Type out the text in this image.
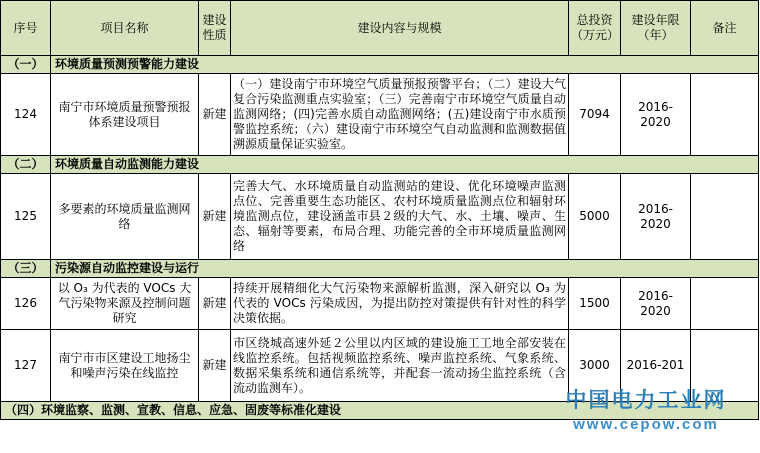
序号	项目名称	建设性质	建设内容与规模	总投资（万元）	建设年限（年）	备注
（一）	环境质量预测预警能力建设					
124	南宁市环境质量预警预报体系建设项目	新建	（一）建设南宁市环境空气质量预报预警平台；（二）建设大气复合污染监测重点实验室；（三）完善南宁市环境空气质量自动监测网络；(四)完善水质自动监测网络；(五)建设南宁市水质预警监控系统；（六）建设南宁市环境空气自动监测和监测数据值溯源质量保证实验室。	7094	2016-2020	
（二）	环境质量自动监测能力建设					
125	多要素的环境质量监测网络	新建	完善大气、水环境质量自动监测站的建设、优化环境噪声监测点位、完善重要生态功能区、农村环境质量监测点位和辐射环境监测点位，建设涵盖市县２级的大气、水、土壤、噪声、生态、辐射等要素，布局合理、功能完善的全市环境质量监测网络	5000	2016-2020	
（三）	污染源自动监控建设与运行					
126	以 O₃ 为代表的 VOCs 大气污染物来源及控制问题研究	新建	持续开展精细化大气污染物来源解析监测，深入研究以 O₃ 为代表的 VOCs 污染成因，为提出防控对策提供有针对性的科学决策依据。	1500	2016-2020	
127	南宁市市区建设工地扬尘和噪声污染在线监控	新建	市区绕城高速外延２公里以内区域的建设施工工地全部安装在线监控系统。包括视频监控系统、噪声监控系统、气象系统、数据采集系统和通信系统等，并配套一流动扬尘监控系统（含流动监测车）。	3000	2016-201	
（四）环境监察、监测、宣教、信息、应急、固废等标准化建设							中国电力工业网
www.cepow.com
